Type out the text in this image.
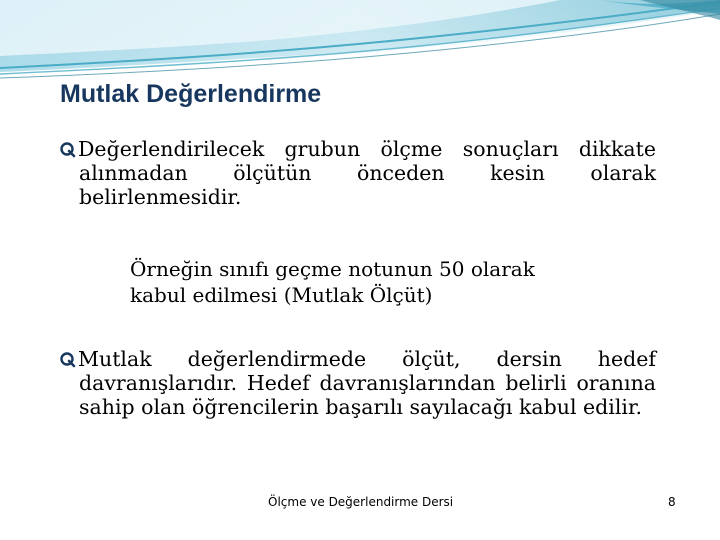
Mutlak Değerlendirme
Değerlendirilecek grubun ölçme sonuçları dikkate alınmadan ölçütün önceden kesin olarak belirlenmesidir.
Örneğin sınıfı geçme notunun 50 olarak
kabul edilmesi (Mutlak Ölçüt)
Mutlak değerlendirmede ölçüt, dersin hedef davranışlarıdır. Hedef davranışlarından belirli oranına sahip olan öğrencilerin başarılı sayılacağı kabul edilir.
Ölçme ve Değerlendirme Dersi	8
